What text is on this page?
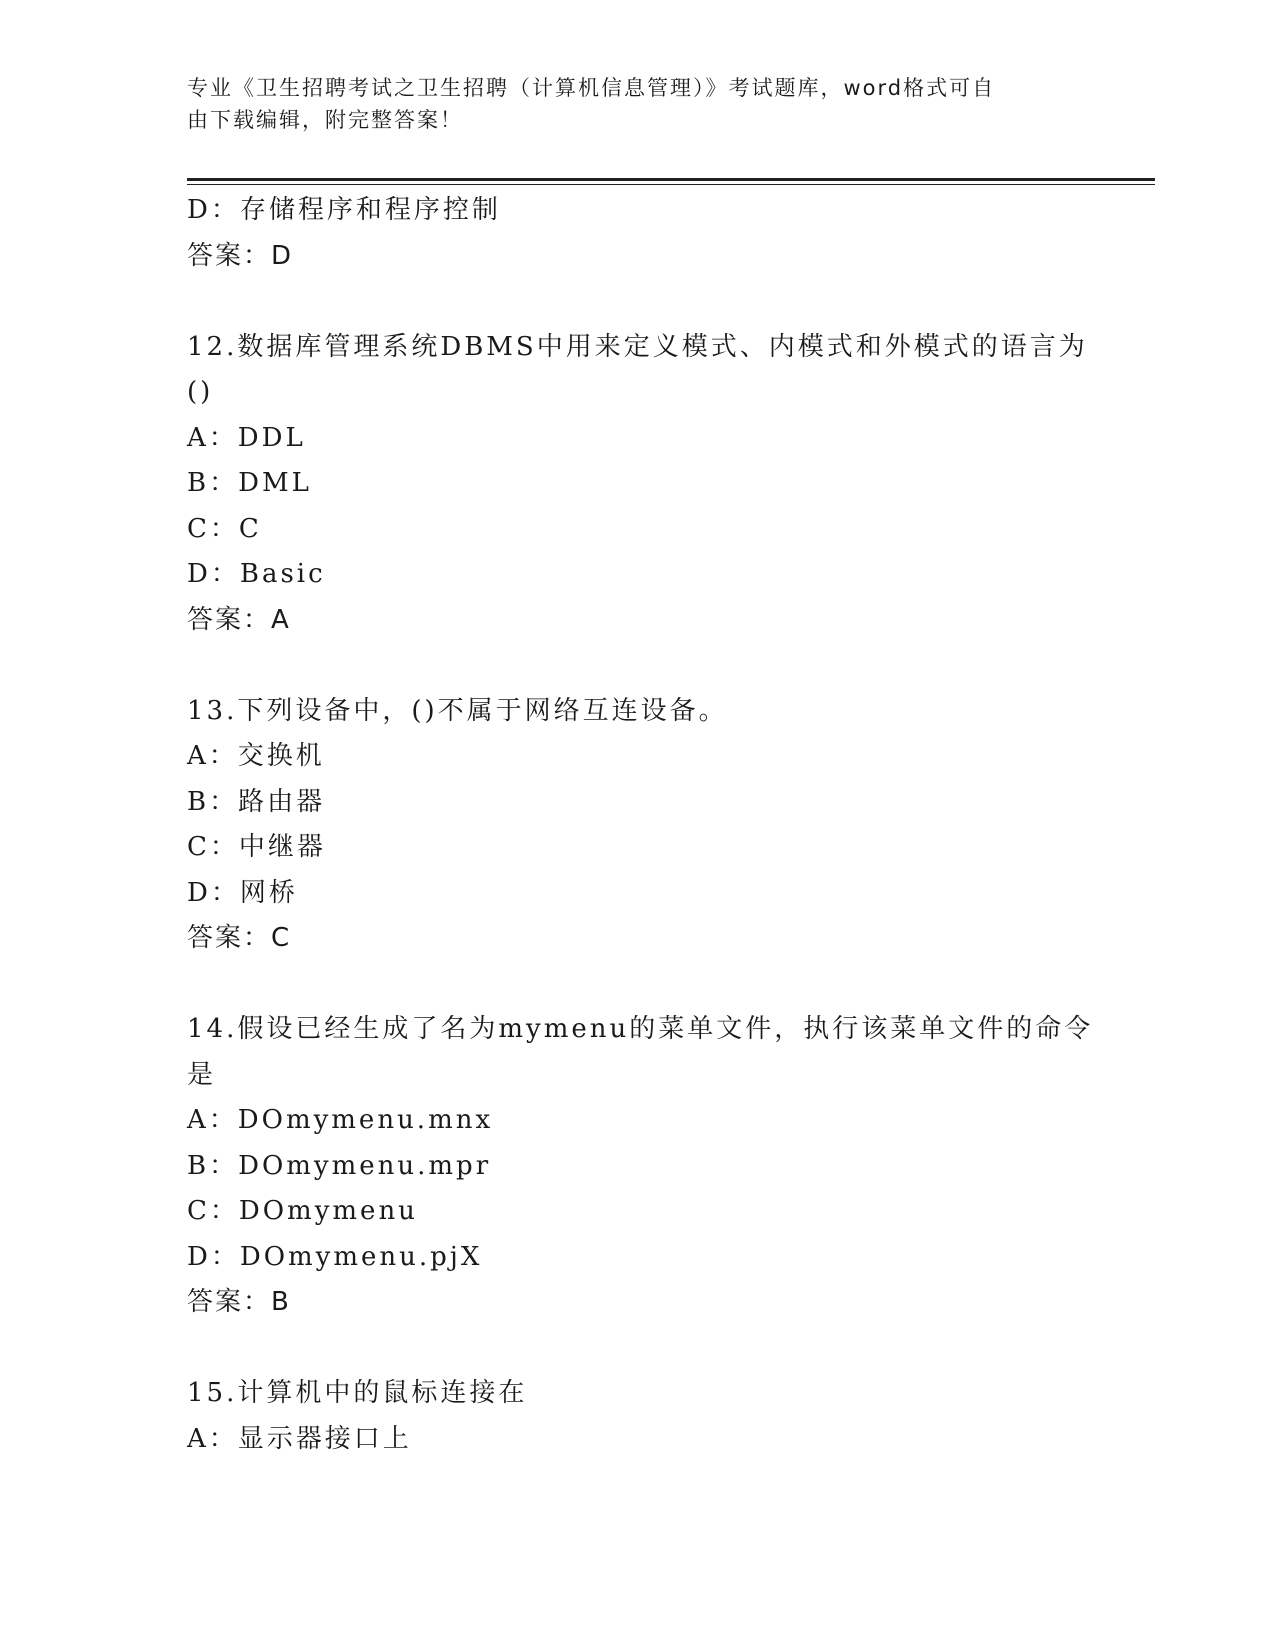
专业《卫生招聘考试之卫生招聘（计算机信息管理）》考试题库，word格式可自
由下载编辑，附完整答案！
D：存储程序和程序控制
答案：D
12.数据库管理系统DBMS中用来定义模式、内模式和外模式的语言为
()
A：DDL
B：DML
C：C
D：Basic
答案：A
13.下列设备中，()不属于网络互连设备。
A：交换机
B：路由器
C：中继器
D：网桥
答案：C
14.假设已经生成了名为mymenu的菜单文件，执行该菜单文件的命令
是
A：DOmymenu.mnx
B：DOmymenu.mpr
C：DOmymenu
D：DOmymenu.pjX
答案：B
15.计算机中的鼠标连接在
A：显示器接口上
